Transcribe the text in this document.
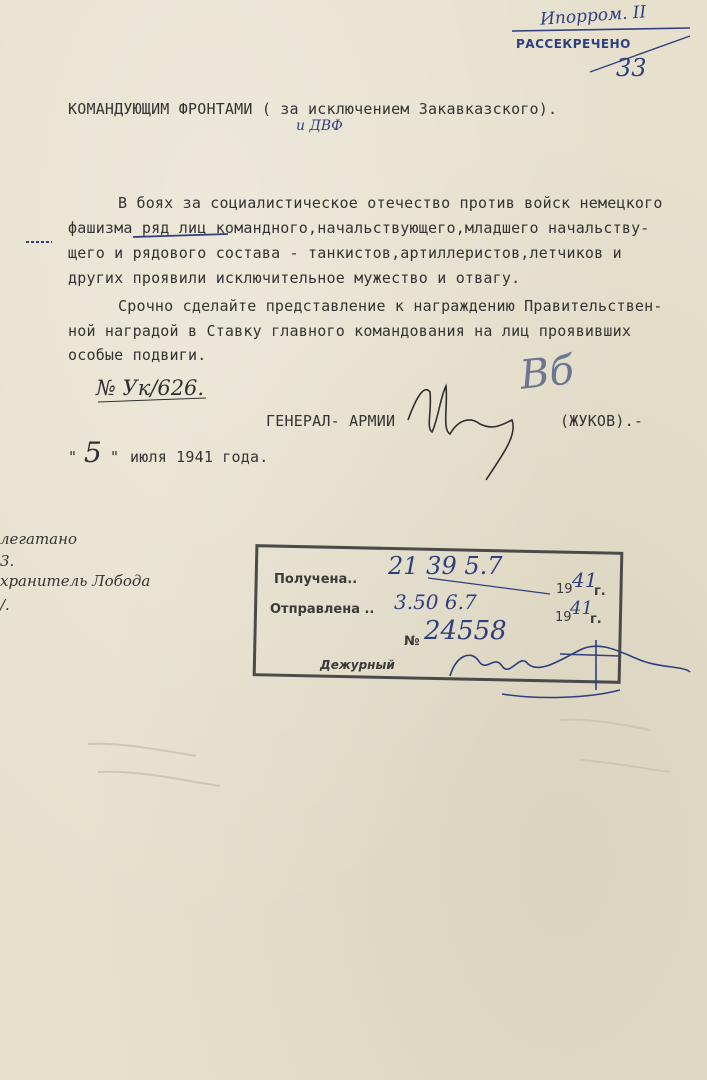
Ипорром. II
РАССЕКРЕЧЕНО
33
КОМАНДУЮЩИМ ФРОНТАМИ ( за исключением Закавказского).
и ДВФ
В боях за социалистическое отечество против войск немецкого
фашизма ряд лиц командного,начальствующего,младшего начальству-
щего и рядового состава - танкистов,артиллеристов,летчиков и
других проявили исключительное мужество и отвагу.
Срочно сделайте представление к награждению Правительствен-
ной наградой в Ставку главного командования на лиц проявивших
особые подвиги.
№ Ук/626.	Вб
ГЕНЕРАЛ- АРМИИ	(ЖУКОВ).-
" 5 " июля 1941 года.
легатано
3.
хранитель Лобода
/.
Получена.. 21 39 5.7
19 41
г.
Отправлена .. 3.50 6.7
19
41
г.
№ 24558
Дежурный
